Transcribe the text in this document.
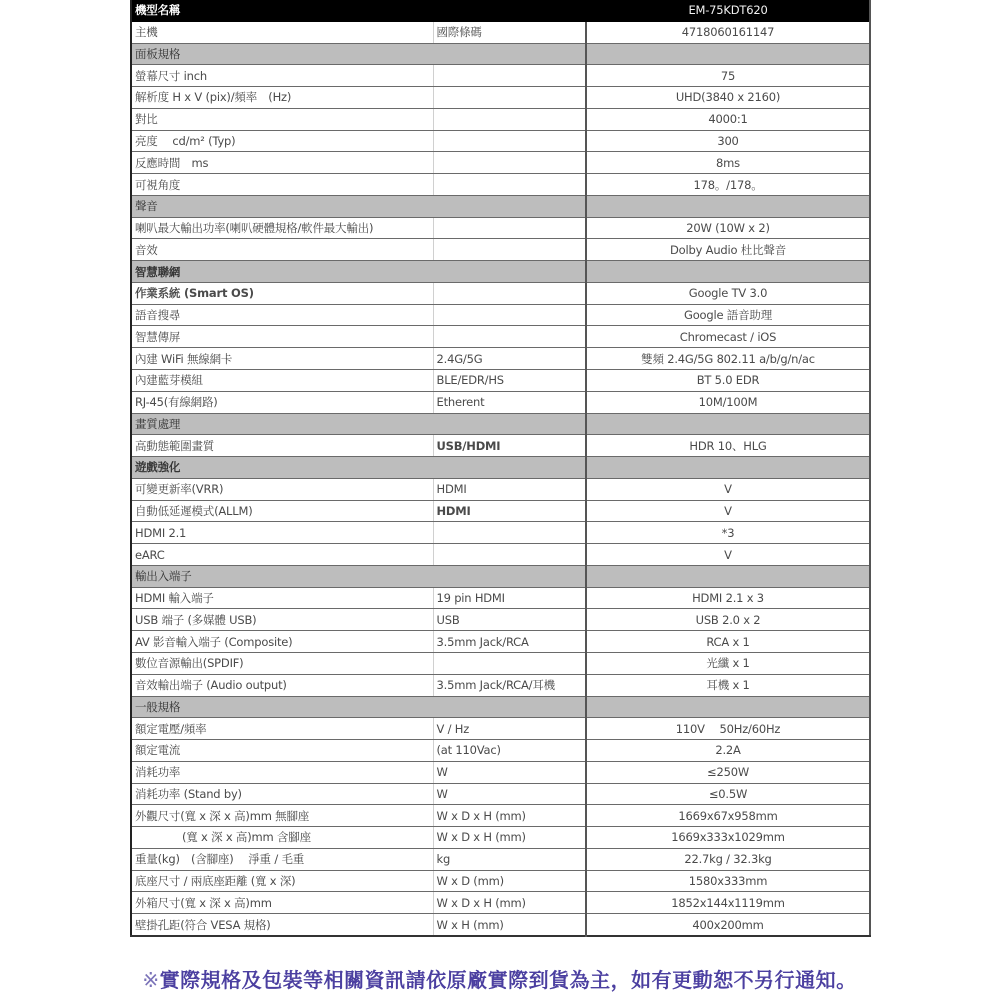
機型名稱		EM-75KDT620
主機	國際條碼	4718060161147
面板規格		
螢幕尺寸 inch		75
解析度 H x V (pix)/頻率　(Hz)		UHD(3840 x 2160)
對比		4000:1
亮度　 cd/m² (Typ)		300
反應時間　ms		8ms
可視角度		178。/178。
聲音		
喇叭最大輸出功率(喇叭硬體規格/軟件最大輸出)		20W (10W x 2)
音效		Dolby Audio 杜比聲音
智慧聯網		
作業系統 (Smart OS)		Google TV 3.0
語音搜尋		Google 語音助理
智慧傳屏		Chromecast / iOS
內建 WiFi 無線網卡	2.4G/5G	雙頻 2.4G/5G 802.11 a/b/g/n/ac
內建藍芽模組	BLE/EDR/HS	BT 5.0 EDR
RJ-45(有線網路)	Etherent	10M/100M
畫質處理		
高動態範圍畫質	USB/HDMI	HDR 10、HLG
遊戲強化		
可變更新率(VRR)	HDMI	V
自動低延遲模式(ALLM)	HDMI	V
HDMI 2.1		*3
eARC		V
輸出入端子		
HDMI 輸入端子	19 pin HDMI	HDMI 2.1 x 3
USB 端子 (多媒體 USB)	USB	USB 2.0 x 2
AV 影音輸入端子 (Composite)	3.5mm Jack/RCA	RCA x 1
數位音源輸出(SPDIF)		光纖 x 1
音效輸出端子 (Audio output)	3.5mm Jack/RCA/耳機	耳機 x 1
一般規格		
額定電壓/頻率	V / Hz	110V　 50Hz/60Hz
額定電流	(at 110Vac)	2.2A
消耗功率	W	≤250W
消耗功率 (Stand by)	W	≤0.5W
外觀尺寸(寬 x 深 x 高)mm 無腳座	W x D x H (mm)	1669x67x958mm
(寬 x 深 x 高)mm 含腳座	W x D x H (mm)	1669x333x1029mm
重量(kg)　(含腳座)　 淨重 / 毛重	kg	22.7kg / 32.3kg
底座尺寸 / 兩底座距離 (寬 x 深)	W x D (mm)	1580x333mm
外箱尺寸(寬 x 深 x 高)mm	W x D x H (mm)	1852x144x1119mm
壁掛孔距(符合 VESA 規格)	W x H (mm)	400x200mm
※實際規格及包裝等相關資訊請依原廠實際到貨為主，如有更動恕不另行通知。
